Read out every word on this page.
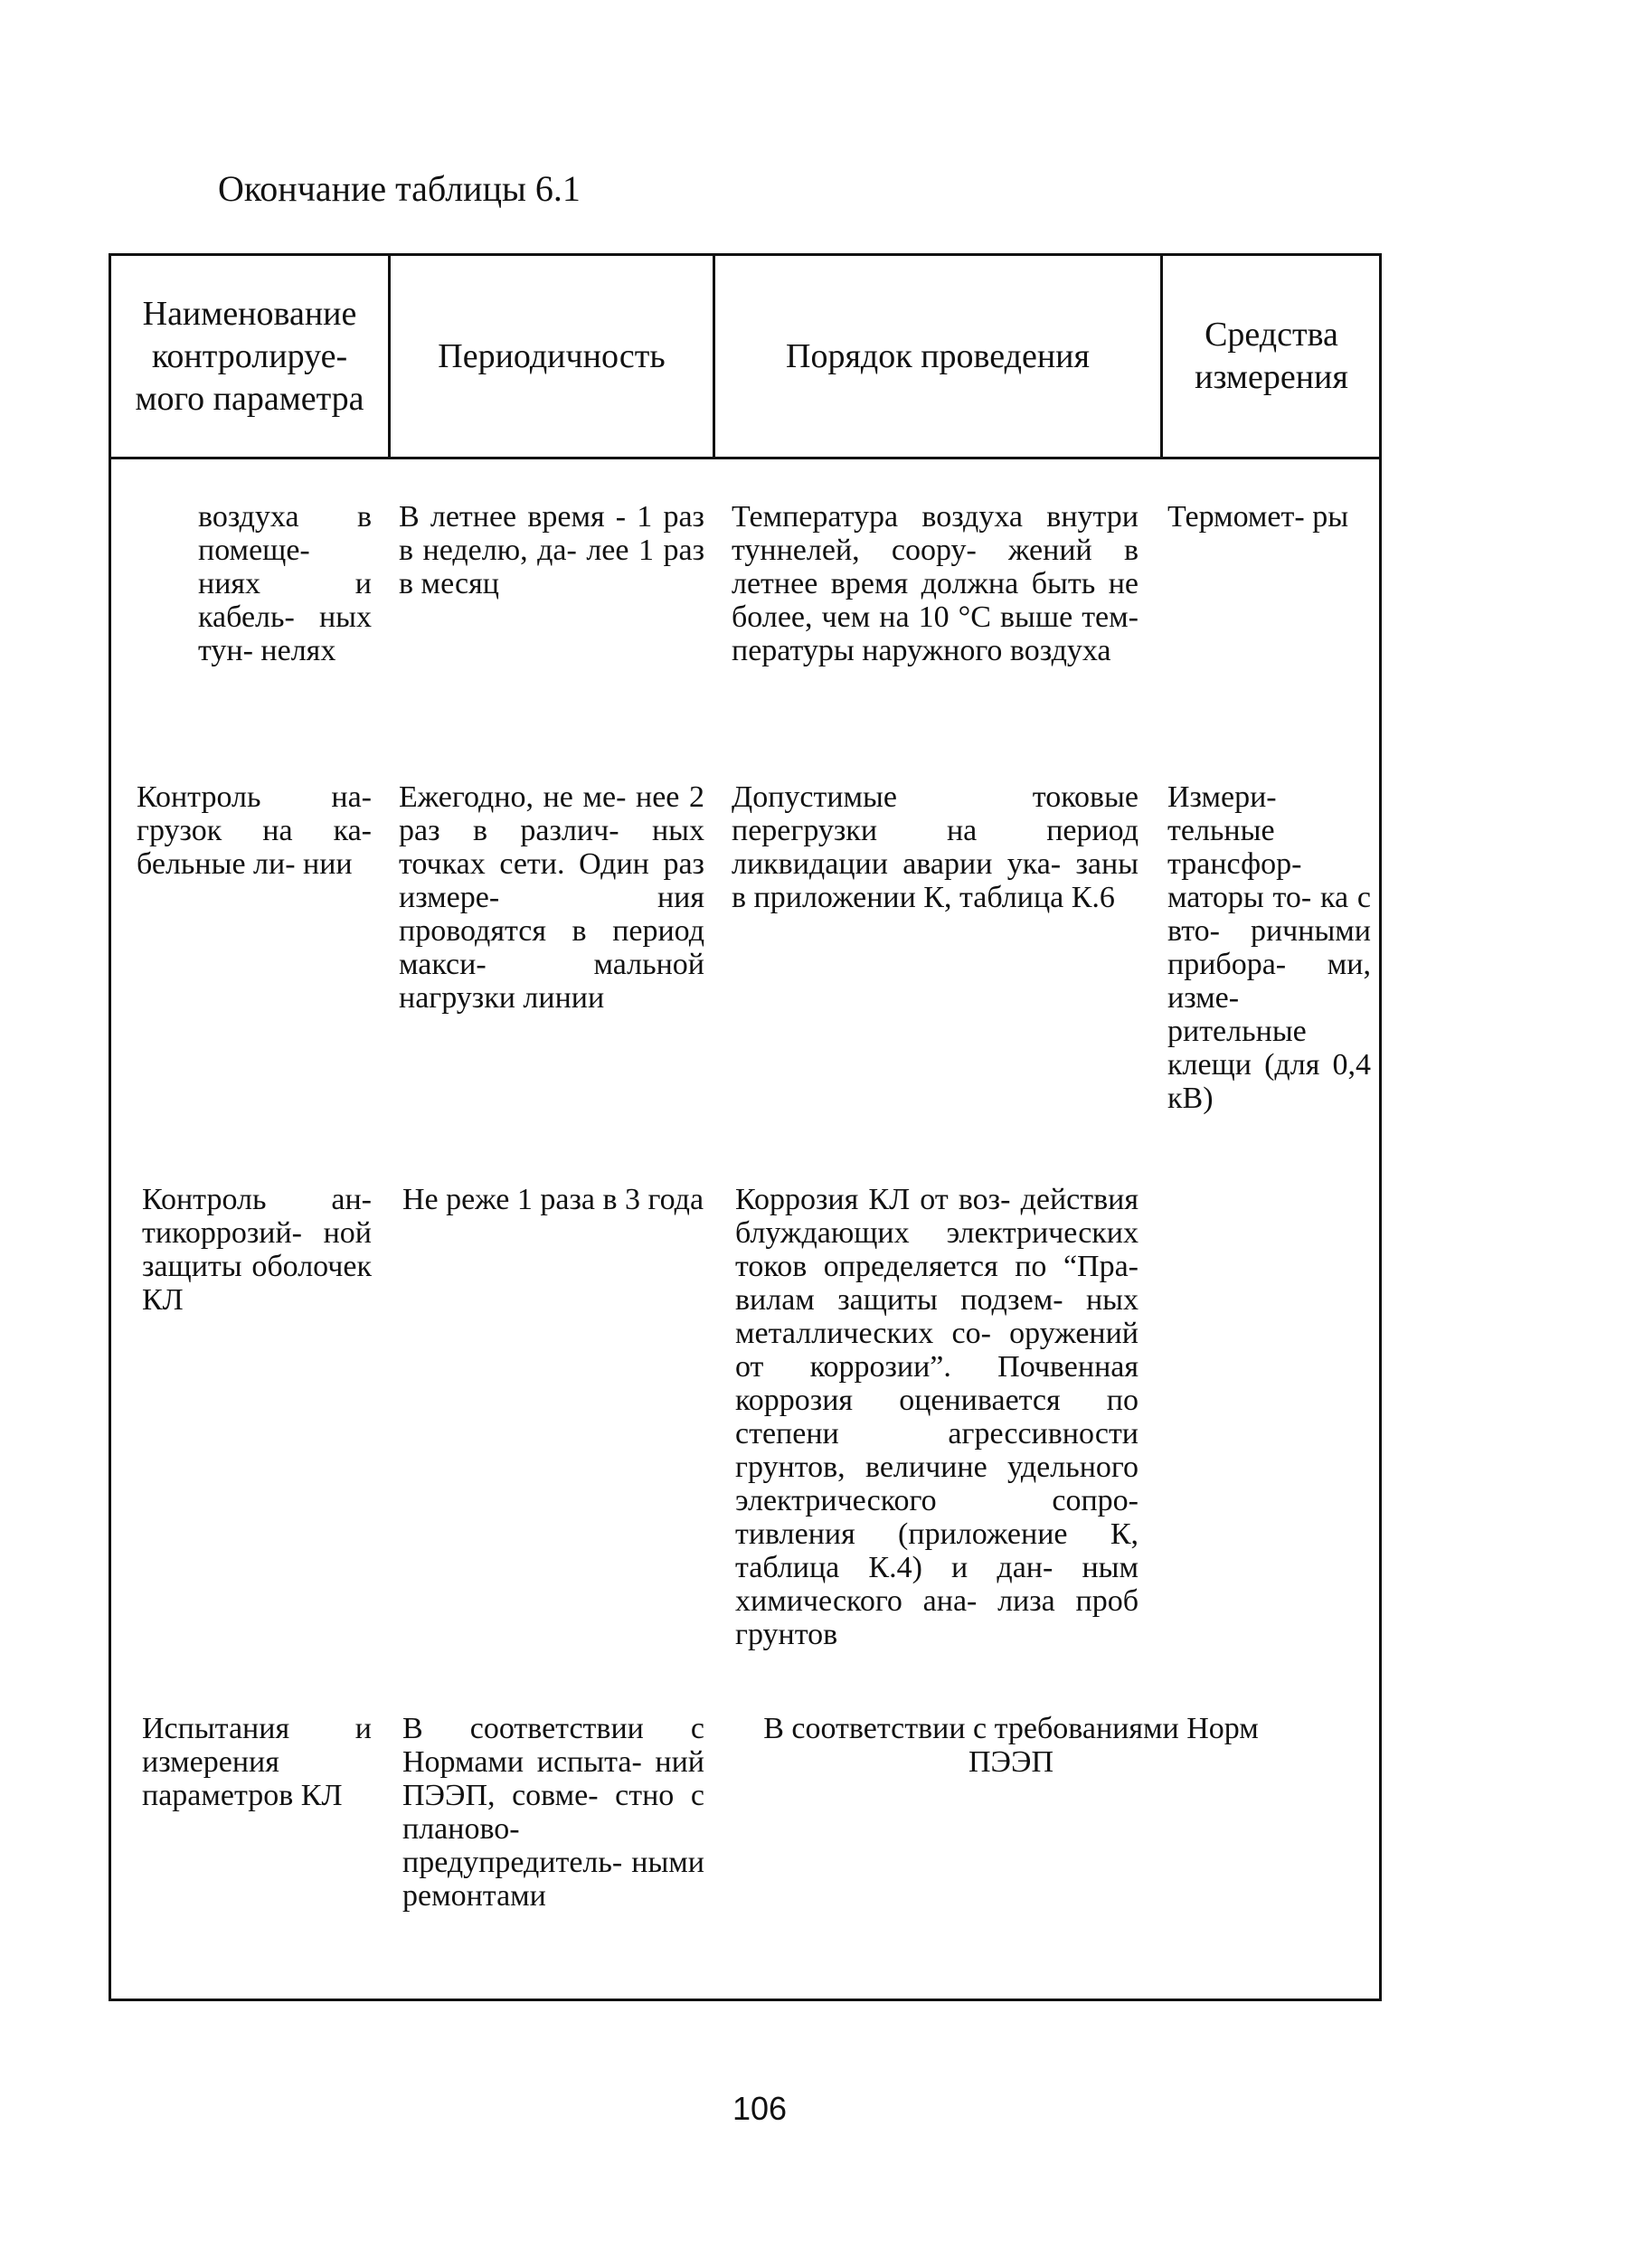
Окончание таблицы 6.1
Наименование контролируе- мого параметра
Периодичность	Порядок проведения
Средства измерения
воздуха в помеще- ниях и кабель- ных тун- нелях
В летнее время - 1 раз в неделю, да- лее 1 раз в месяц
Температура воздуха внутри туннелей, соору- жений в летнее время должна быть не более, чем на 10 °С выше тем- пературы наружного воздуха
Термомет- ры
Контроль на- грузок на ка- бельные ли- нии
Ежегодно, не ме- нее 2 раз в различ- ных точках сети. Один раз измере- ния проводятся в период макси- мальной нагрузки линии
Допустимые токовые перегрузки на период ликвидации аварии ука- заны в приложении К, таблица К.6
Измери- тельные трансфор- маторы то- ка с вто- ричными прибора- ми, изме- рительные клещи (для 0,4 кВ)
Контроль ан- тикоррозий- ной защиты оболочек КЛ
Не реже 1 раза в 3 года Коррозия КЛ от воз- действия блуждающих электрических токов определяется по “Пра- вилам защиты подзем- ных металлических со- оружений от коррозии”. Почвенная коррозия оценивается по степени агрессивности грунтов, величине удельного электрического сопро- тивления (приложение К, таблица К.4) и дан- ным химического ана- лиза проб грунтов
Испытания и измерения параметров КЛ
В соответствии с Нормами испыта- ний ПЭЭП, совме- стно с планово- предупредитель- ными ремонтами
В соответствии с требованиями Норм ПЭЭП
106
